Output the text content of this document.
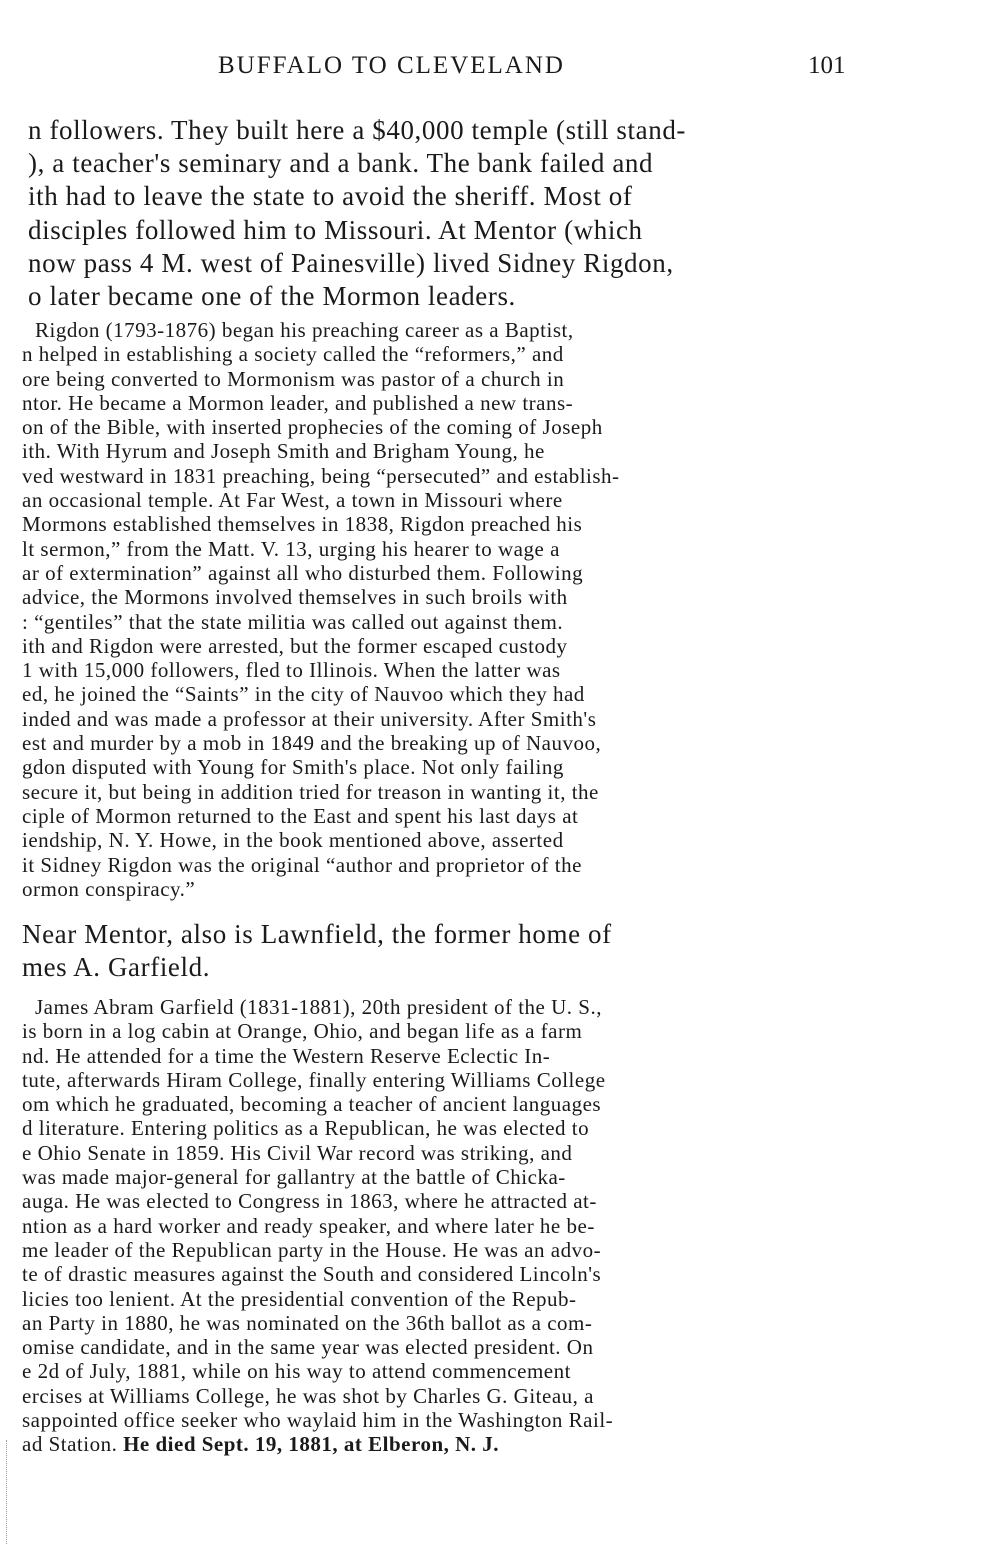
BUFFALO TO CLEVELAND	101
n followers. They built here a $40,000 temple (still stand-
), a teacher's seminary and a bank. The bank failed and
ith had to leave the state to avoid the sheriff. Most of
disciples followed him to Missouri. At Mentor (which
now pass 4 M. west of Painesville) lived Sidney Rigdon,
o later became one of the Mormon leaders.
Rigdon (1793-1876) began his preaching career as a Baptist,
n helped in establishing a society called the “reformers,” and
ore being converted to Mormonism was pastor of a church in
ntor. He became a Mormon leader, and published a new trans-
on of the Bible, with inserted prophecies of the coming of Joseph
ith. With Hyrum and Joseph Smith and Brigham Young, he
ved westward in 1831 preaching, being “persecuted” and establish-
an occasional temple. At Far West, a town in Missouri where
Mormons established themselves in 1838, Rigdon preached his
lt sermon,” from the Matt. V. 13, urging his hearer to wage a
ar of extermination” against all who disturbed them. Following
advice, the Mormons involved themselves in such broils with
: “gentiles” that the state militia was called out against them.
ith and Rigdon were arrested, but the former escaped custody
1 with 15,000 followers, fled to Illinois. When the latter was
ed, he joined the “Saints” in the city of Nauvoo which they had
inded and was made a professor at their university. After Smith's
est and murder by a mob in 1849 and the breaking up of Nauvoo,
gdon disputed with Young for Smith's place. Not only failing
secure it, but being in addition tried for treason in wanting it, the
ciple of Mormon returned to the East and spent his last days at
iendship, N. Y. Howe, in the book mentioned above, asserted
it Sidney Rigdon was the original “author and proprietor of the
ormon conspiracy.”
Near Mentor, also is Lawnfield, the former home of
mes A. Garfield.
James Abram Garfield (1831-1881), 20th president of the U. S.,
is born in a log cabin at Orange, Ohio, and began life as a farm
nd. He attended for a time the Western Reserve Eclectic In-
tute, afterwards Hiram College, finally entering Williams College
om which he graduated, becoming a teacher of ancient languages
d literature. Entering politics as a Republican, he was elected to
e Ohio Senate in 1859. His Civil War record was striking, and
was made major-general for gallantry at the battle of Chicka-
auga. He was elected to Congress in 1863, where he attracted at-
ntion as a hard worker and ready speaker, and where later he be-
me leader of the Republican party in the House. He was an advo-
te of drastic measures against the South and considered Lincoln's
licies too lenient. At the presidential convention of the Repub-
an Party in 1880, he was nominated on the 36th ballot as a com-
omise candidate, and in the same year was elected president. On
e 2d of July, 1881, while on his way to attend commencement
ercises at Williams College, he was shot by Charles G. Giteau, a
sappointed office seeker who waylaid him in the Washington Rail-
ad Station. He died Sept. 19, 1881, at Elberon, N. J.
